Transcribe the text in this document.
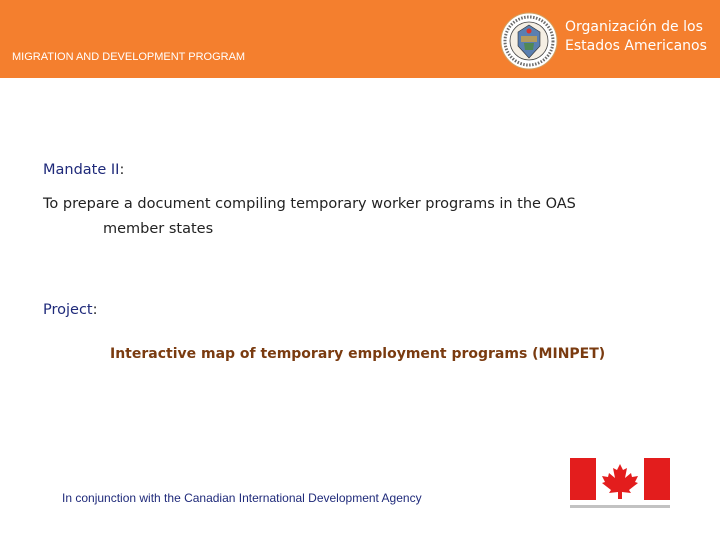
MIGRATION AND DEVELOPMENT PROGRAM
Organización de los
Estados Americanos
Mandate II:
To prepare a document compiling temporary worker programs in the OAS
member states
Project:
Interactive map of temporary employment programs (MINPET)
In conjunction with the Canadian International Development Agency
